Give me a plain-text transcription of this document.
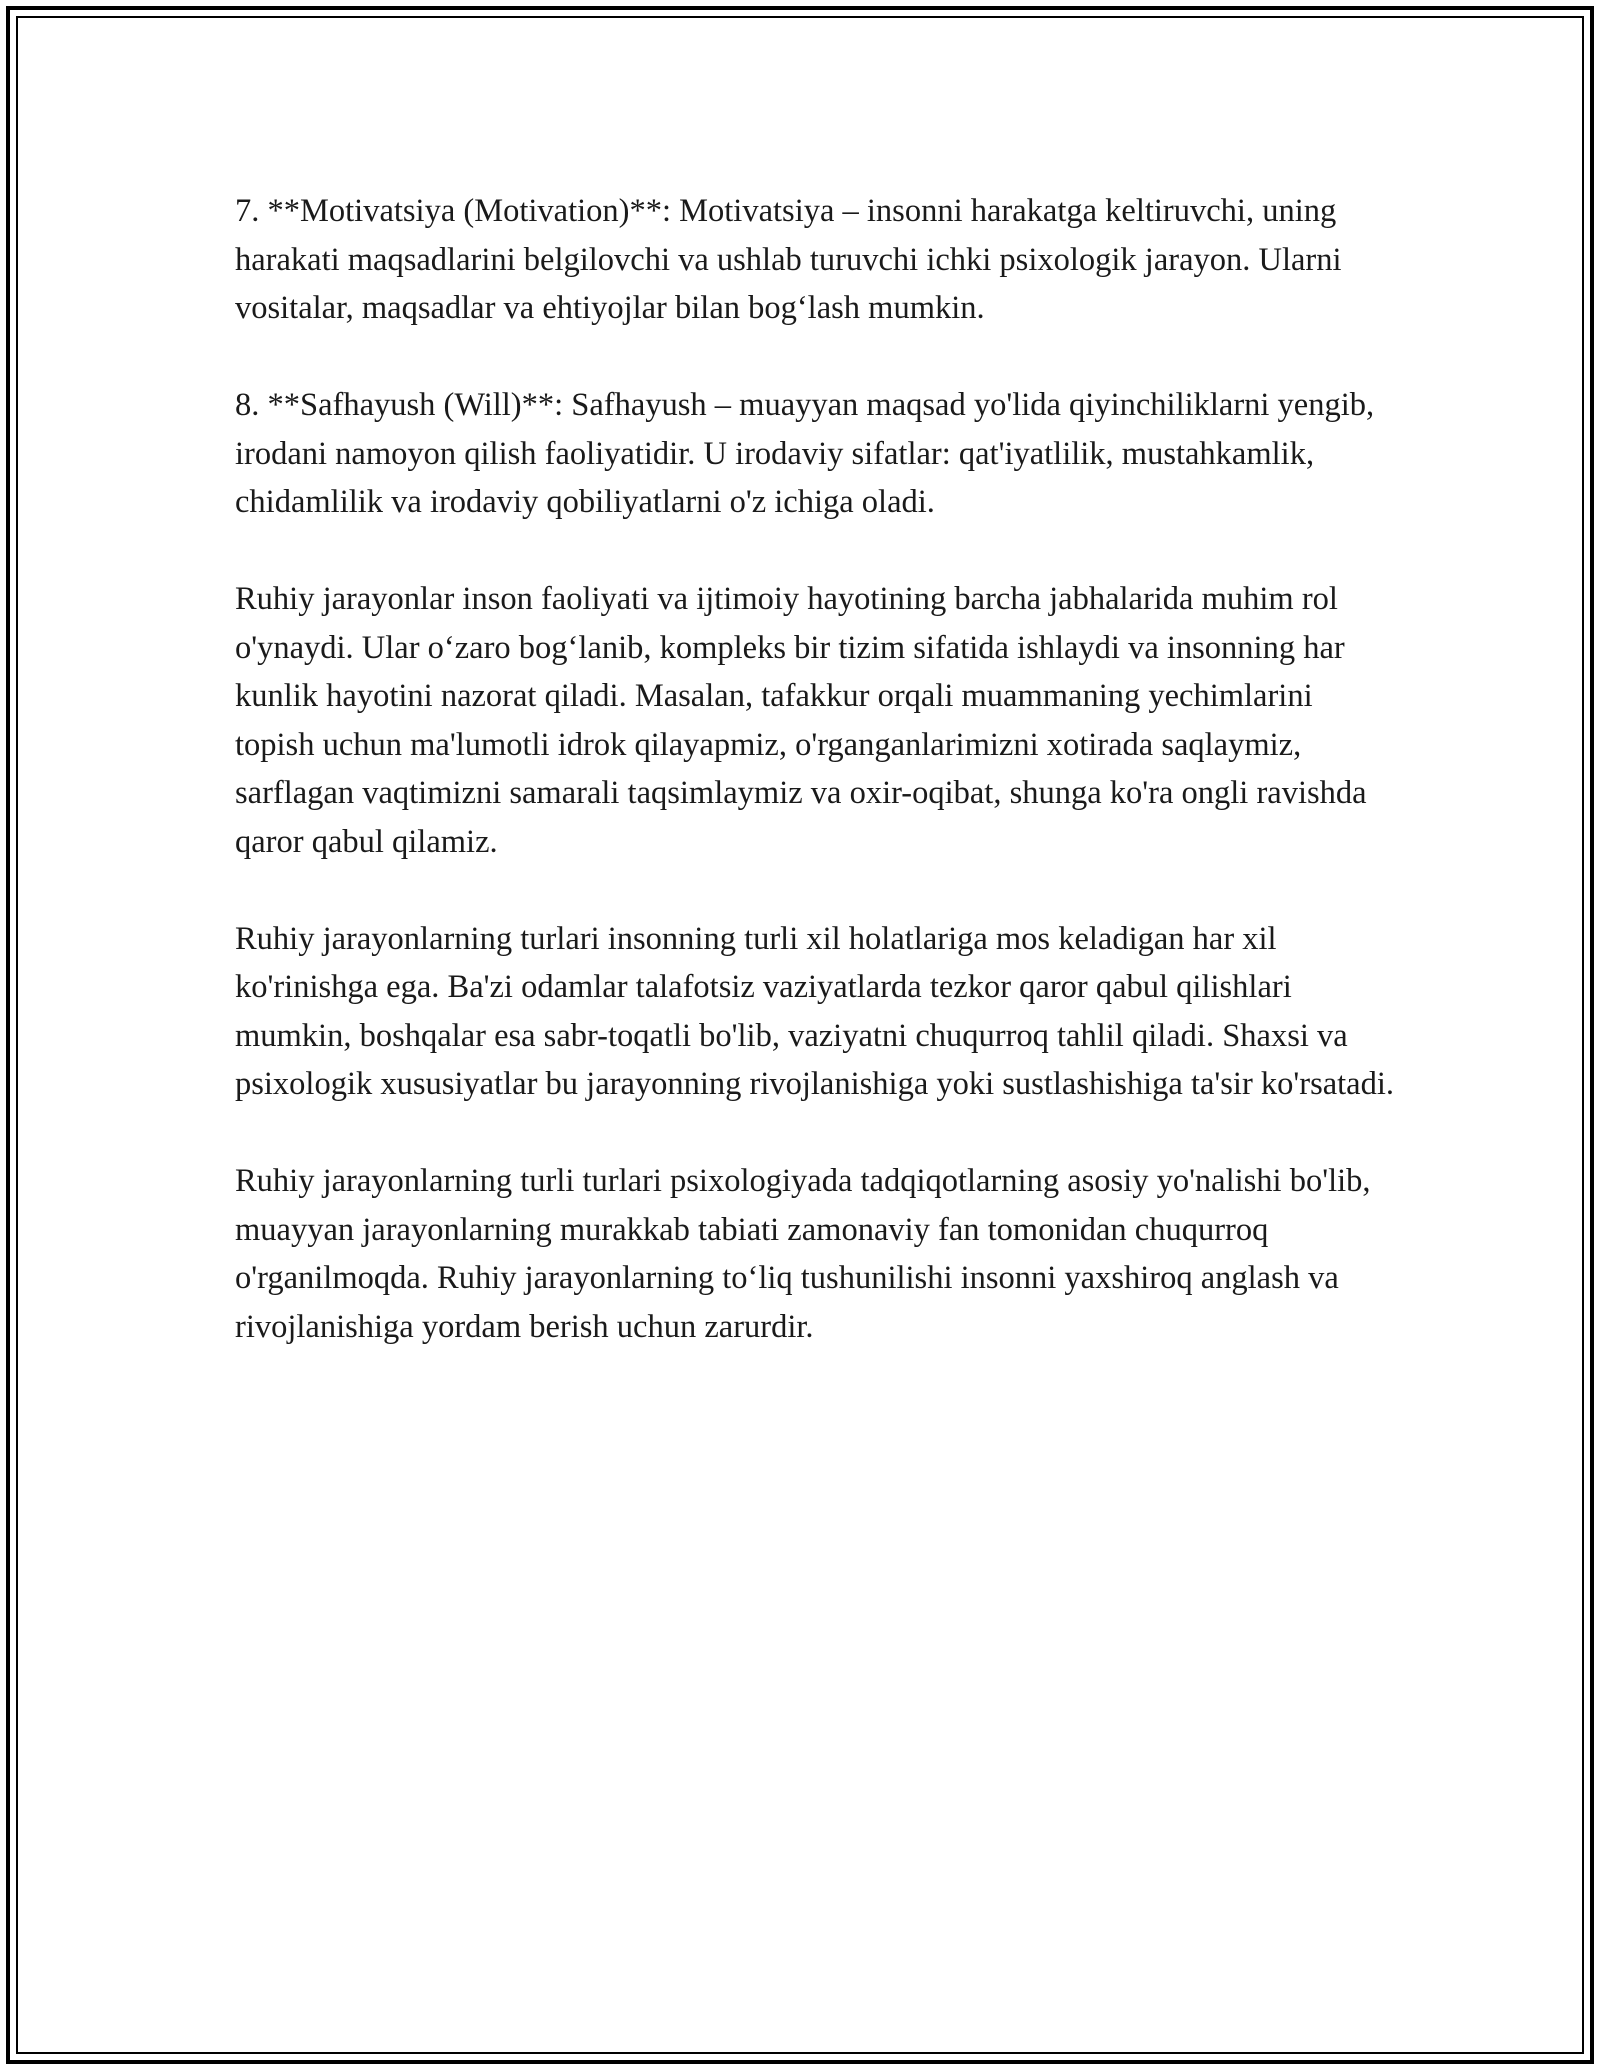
7. **Motivatsiya (Motivation)**: Motivatsiya – insonni harakatga keltiruvchi, uning harakati maqsadlarini belgilovchi va ushlab turuvchi ichki psixologik jarayon. Ularni vositalar, maqsadlar va ehtiyojlar bilan bog‘lash mumkin.

8. **Safhayush (Will)**: Safhayush – muayyan maqsad yo'lida qiyinchiliklarni yengib, irodani namoyon qilish faoliyatidir. U irodaviy sifatlar: qat'iyatlilik, mustahkamlik, chidamlilik va irodaviy qobiliyatlarni o'z ichiga oladi.

Ruhiy jarayonlar inson faoliyati va ijtimoiy hayotining barcha jabhalarida muhim rol o'ynaydi. Ular o‘zaro bog‘lanib, kompleks bir tizim sifatida ishlaydi va insonning har kunlik hayotini nazorat qiladi. Masalan, tafakkur orqali muammaning yechimlarini topish uchun ma'lumotli idrok qilayapmiz, o'rganganlarimizni xotirada saqlaymiz, sarflagan vaqtimizni samarali taqsimlaymiz va oxir-oqibat, shunga ko'ra ongli ravishda qaror qabul qilamiz.

Ruhiy jarayonlarning turlari insonning turli xil holatlariga mos keladigan har xil ko'rinishga ega. Ba'zi odamlar talafotsiz vaziyatlarda tezkor qaror qabul qilishlari mumkin, boshqalar esa sabr-toqatli bo'lib, vaziyatni chuqurroq tahlil qiladi. Shaxsi va psixologik xususiyatlar bu jarayonning rivojlanishiga yoki sustlashishiga ta'sir ko'rsatadi.

Ruhiy jarayonlarning turli turlari psixologiyada tadqiqotlarning asosiy yo'nalishi bo'lib, muayyan jarayonlarning murakkab tabiati zamonaviy fan tomonidan chuqurroq o'rganilmoqda. Ruhiy jarayonlarning to‘liq tushunilishi insonni yaxshiroq anglash va rivojlanishiga yordam berish uchun zarurdir.
